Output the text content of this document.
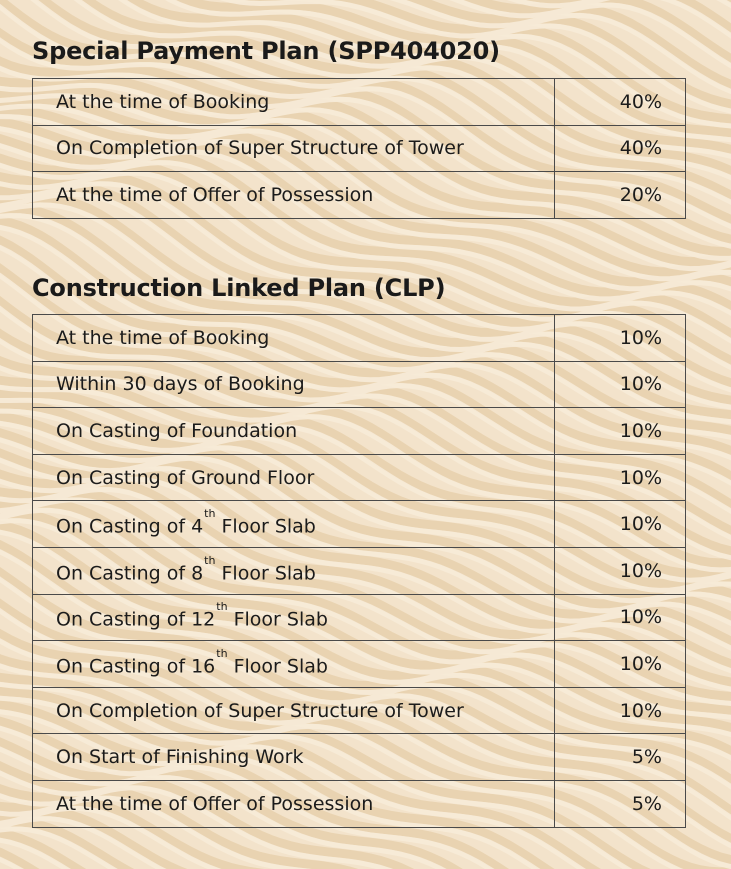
Special Payment Plan (SPP404020)
At the time of Booking	40%
On Completion of Super Structure of Tower	40%
At the time of Offer of Possession	20%
Construction Linked Plan (CLP)
At the time of Booking	10%
Within 30 days of Booking	10%
On Casting of Foundation	10%
On Casting of Ground Floor	10%
On Casting of 4th Floor Slab	10%
On Casting of 8th Floor Slab	10%
On Casting of 12th Floor Slab	10%
On Casting of 16th Floor Slab	10%
On Completion of Super Structure of Tower	10%
On Start of Finishing Work	5%
At the time of Offer of Possession	5%
